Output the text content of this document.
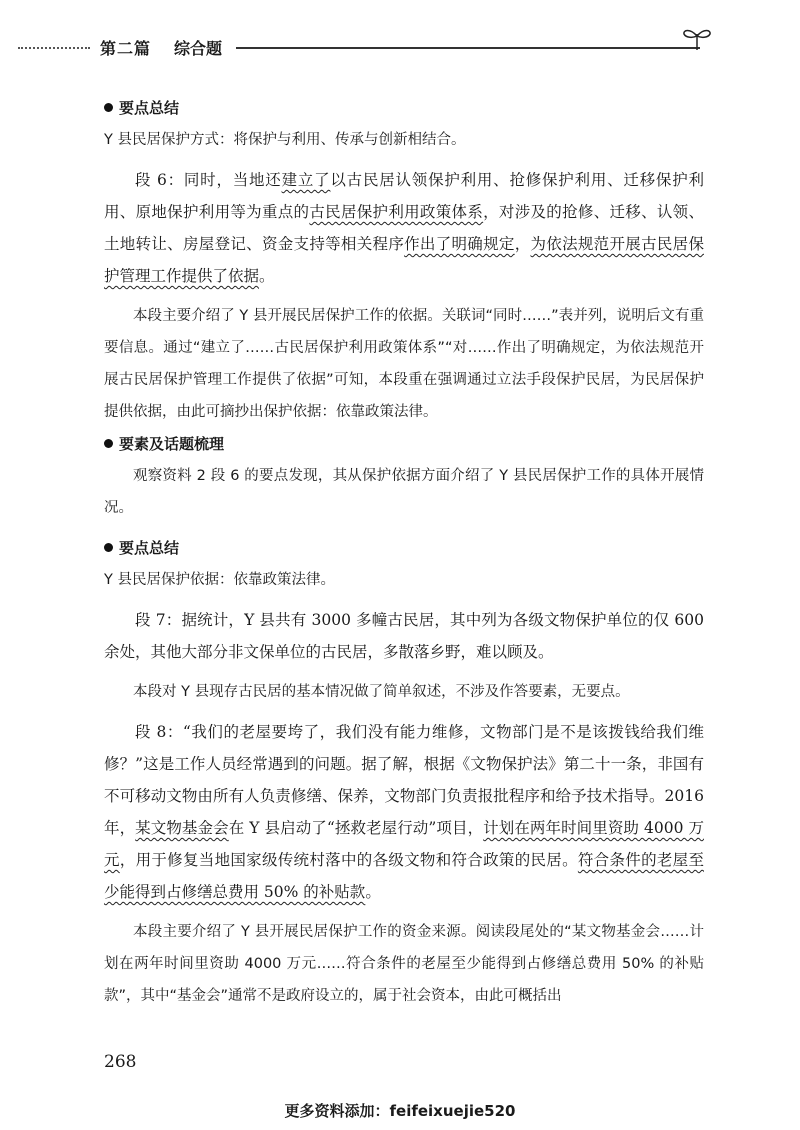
第二篇 综合题
要点总结

Y 县民居保护方式：将保护与利用、传承与创新相结合。

段 6：同时，当地还建立了以古民居认领保护利用、抢修保护利用、迁移保护利用、原地保护利用等为重点的古民居保护利用政策体系，对涉及的抢修、迁移、认领、土地转让、房屋登记、资金支持等相关程序作出了明确规定，为依法规范开展古民居保护管理工作提供了依据。

本段主要介绍了 Y 县开展民居保护工作的依据。关联词“同时……”表并列，说明后文有重要信息。通过“建立了……古民居保护利用政策体系”“对……作出了明确规定，为依法规范开展古民居保护管理工作提供了依据”可知，本段重在强调通过立法手段保护民居，为民居保护提供依据，由此可摘抄出保护依据：依靠政策法律。

要素及话题梳理

观察资料 2 段 6 的要点发现，其从保护依据方面介绍了 Y 县民居保护工作的具体开展情况。

要点总结

Y 县民居保护依据：依靠政策法律。

段 7：据统计，Y 县共有 3000 多幢古民居，其中列为各级文物保护单位的仅 600 余处，其他大部分非文保单位的古民居，多散落乡野，难以顾及。

本段对 Y 县现存古民居的基本情况做了简单叙述，不涉及作答要素，无要点。

段 8：“我们的老屋要垮了，我们没有能力维修，文物部门是不是该拨钱给我们维修？”这是工作人员经常遇到的问题。据了解，根据《文物保护法》第二十一条，非国有不可移动文物由所有人负责修缮、保养，文物部门负责报批程序和给予技术指导。2016 年，某文物基金会在 Y 县启动了“拯救老屋行动”项目，计划在两年时间里资助 4000 万元，用于修复当地国家级传统村落中的各级文物和符合政策的民居。符合条件的老屋至少能得到占修缮总费用 50% 的补贴款。

本段主要介绍了 Y 县开展民居保护工作的资金来源。阅读段尾处的“某文物基金会……计划在两年时间里资助 4000 万元……符合条件的老屋至少能得到占修缮总费用 50% 的补贴款”，其中“基金会”通常不是政府设立的，属于社会资本，由此可概括出

268
更多资料添加：feifeixuejie520
